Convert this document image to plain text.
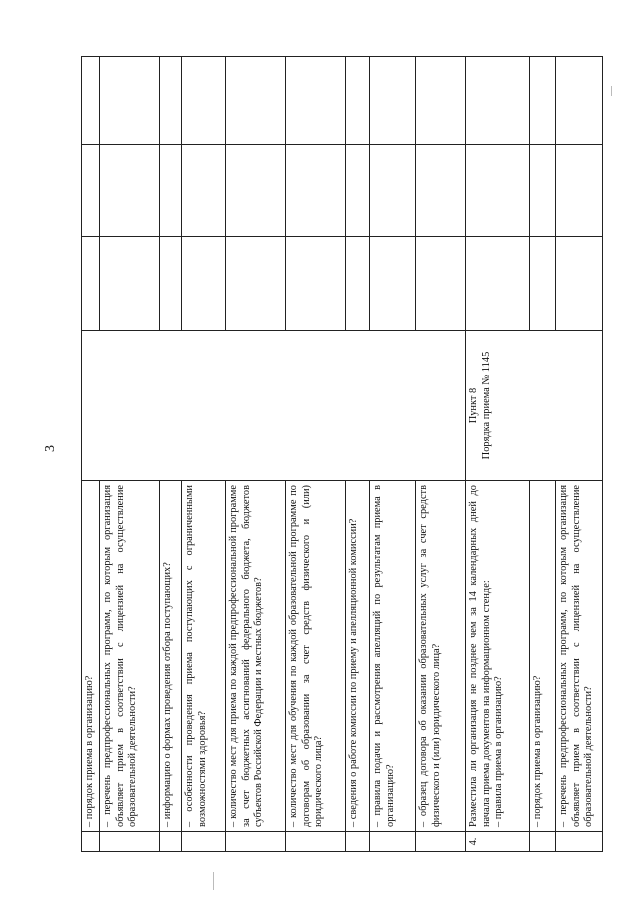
3
	– порядок приема в организацию?				
	– перечень предпрофессиональных программ, по которым организация объявляет прием в соответствии с лицензией на осуществление образовательной деятельности?				
	– информацию о формах проведения отбора поступающих?				
	– особенности проведения приема поступающих с ограниченными возможностями здоровья?				
	– количество мест для приема по каждой предпрофессиональной программе за счет бюджетных ассигнований федерального бюджета, бюджетов субъектов Российской Федерации и местных бюджетов?				
	– количество мест для обучения по каждой образовательной программе по договорам об образовании за счет средств физического и (или) юридического лица?				
	– сведения о работе комиссии по приему и апелляционной комиссии?				
	– правила подачи и рассмотрения апелляций по результатам приема в организацию?				
	– образец договора об оказании образовательных услуг за счет средств физического и (или) юридического лица?				
4.	Разместила ли организация не позднее чем за 14 календарных дней до начала приема документов на информационном стенде: – правила приема в организацию?	Пункт 8 Порядка приема № 1145			

	– порядок приема в организацию?				
	– перечень предпрофессиональных программ, по которым организация объявляет прием в соответствии с лицензией на осуществление образовательной деятельности?				
